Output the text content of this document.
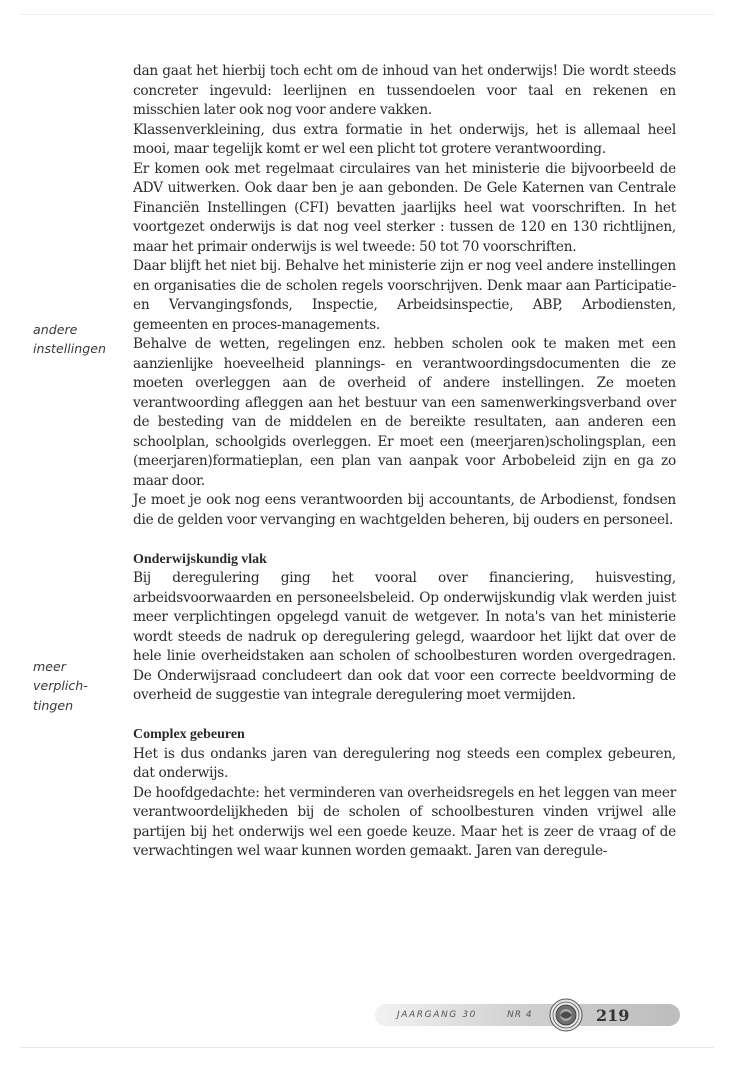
andere
instellingen
meer
verplich-
tingen

dan gaat het hierbij toch echt om de inhoud van het onderwijs! Die wordt steeds concreter ingevuld: leerlijnen en tussendoelen voor taal en rekenen en misschien later ook nog voor andere vakken.

Klassenverkleining, dus extra formatie in het onderwijs, het is allemaal heel mooi, maar tegelijk komt er wel een plicht tot grotere verantwoording.

Er komen ook met regelmaat circulaires van het ministerie die bijvoorbeeld de ADV uitwerken. Ook daar ben je aan gebonden. De Gele Katernen van Centrale Financiën Instellingen (CFI) bevatten jaarlijks heel wat voorschriften. In het voortgezet onderwijs is dat nog veel sterker : tussen de 120 en 130 richtlijnen, maar het primair onderwijs is wel tweede: 50 tot 70 voorschriften.

Daar blijft het niet bij. Behalve het ministerie zijn er nog veel andere instellingen en organisaties die de scholen regels voorschrijven. Denk maar aan Participatie- en Vervangingsfonds, Inspectie, Arbeidsinspectie, ABP, Arbodiensten, gemeenten en proces-managements.

Behalve de wetten, regelingen enz. hebben scholen ook te maken met een aanzienlijke hoeveelheid plannings- en verantwoordingsdocumenten die ze moeten overleggen aan de overheid of andere instellingen. Ze moeten verantwoording afleggen aan het bestuur van een samenwerkingsverband over de besteding van de middelen en de bereikte resultaten, aan anderen een schoolplan, schoolgids overleggen. Er moet een (meerjaren)scholingsplan, een (meerjaren)formatieplan, een plan van aanpak voor Arbobeleid zijn en ga zo maar door.

Je moet je ook nog eens verantwoorden bij accountants, de Arbodienst, fondsen die de gelden voor vervanging en wachtgelden beheren, bij ouders en personeel.

Onderwijskundig vlak

Bij deregulering ging het vooral over financiering, huisvesting, arbeidsvoorwaarden en personeelsbeleid. Op onderwijskundig vlak werden juist meer verplichtingen opgelegd vanuit de wetgever. In nota's van het ministerie wordt steeds de nadruk op deregulering gelegd, waardoor het lijkt dat over de hele linie overheidstaken aan scholen of schoolbesturen worden overgedragen. De Onderwijsraad concludeert dan ook dat voor een correcte beeldvorming de overheid de suggestie van integrale deregulering moet vermijden.

Complex gebeuren

Het is dus ondanks jaren van deregulering nog steeds een complex gebeuren, dat onderwijs.

De hoofdgedachte: het verminderen van overheidsregels en het leggen van meer verantwoordelijkheden bij de scholen of schoolbesturen vinden vrijwel alle partijen bij het onderwijs wel een goede keuze. Maar het is zeer de vraag of de verwachtingen wel waar kunnen worden gemaakt. Jaren van deregule-

JAARGANG 30	NR 4	219
